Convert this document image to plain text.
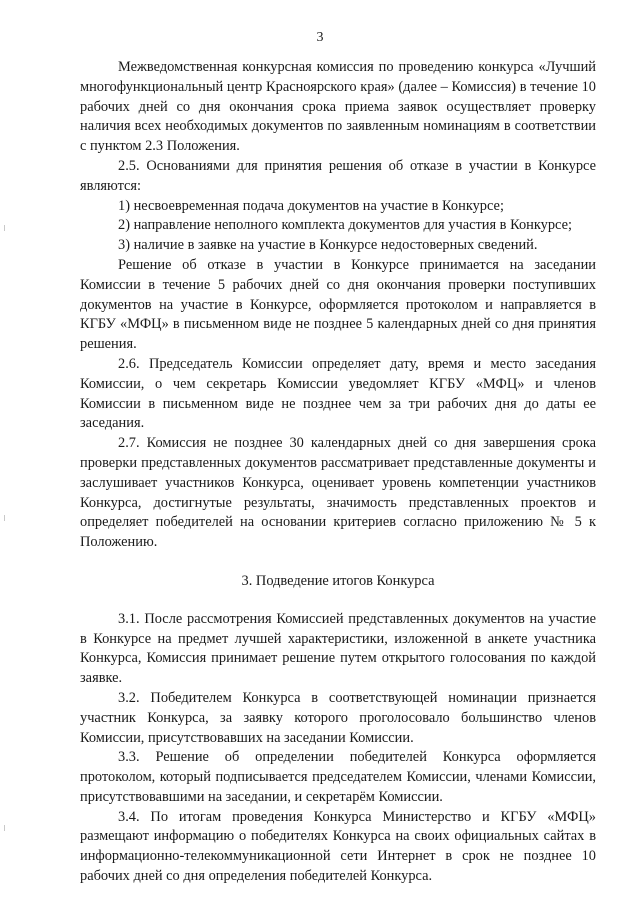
3

Межведомственная конкурсная комиссия по проведению конкурса «Лучший многофункциональный центр Красноярского края» (далее – Комиссия) в течение 10 рабочих дней со дня окончания срока приема заявок осуществляет проверку наличия всех необходимых документов по заявленным номинациям в соответствии с пунктом 2.3 Положения.

2.5. Основаниями для принятия решения об отказе в участии в Конкурсе являются:

1) несвоевременная подача документов на участие в Конкурсе;

2) направление неполного комплекта документов для участия в Конкурсе;

3) наличие в заявке на участие в Конкурсе недостоверных сведений.

Решение об отказе в участии в Конкурсе принимается на заседании Комиссии в течение 5 рабочих дней со дня окончания проверки поступивших документов на участие в Конкурсе, оформляется протоколом и направляется в КГБУ «МФЦ» в письменном виде не позднее 5 календарных дней со дня принятия решения.

2.6. Председатель Комиссии определяет дату, время и место заседания Комиссии, о чем секретарь Комиссии уведомляет КГБУ «МФЦ» и членов Комиссии в письменном виде не позднее чем за три рабочих дня до даты ее заседания.

2.7. Комиссия не позднее 30 календарных дней со дня завершения срока проверки представленных документов рассматривает представленные документы и заслушивает участников Конкурса, оценивает уровень компетенции участников Конкурса, достигнутые результаты, значимость представленных проектов и определяет победителей на основании критериев согласно приложению № 5 к Положению.

3. Подведение итогов Конкурса

3.1. После рассмотрения Комиссией представленных документов на участие в Конкурсе на предмет лучшей характеристики, изложенной в анкете участника Конкурса, Комиссия принимает решение путем открытого голосования по каждой заявке.

3.2. Победителем Конкурса в соответствующей номинации признается участник Конкурса, за заявку которого проголосовало большинство членов Комиссии, присутствовавших на заседании Комиссии.

3.3. Решение об определении победителей Конкурса оформляется протоколом, который подписывается председателем Комиссии, членами Комиссии, присутствовавшими на заседании, и секретарём Комиссии.

3.4. По итогам проведения Конкурса Министерство и КГБУ «МФЦ» размещают информацию о победителях Конкурса на своих официальных сайтах в информационно-телекоммуникационной сети Интернет в срок не позднее 10 рабочих дней со дня определения победителей Конкурса.
